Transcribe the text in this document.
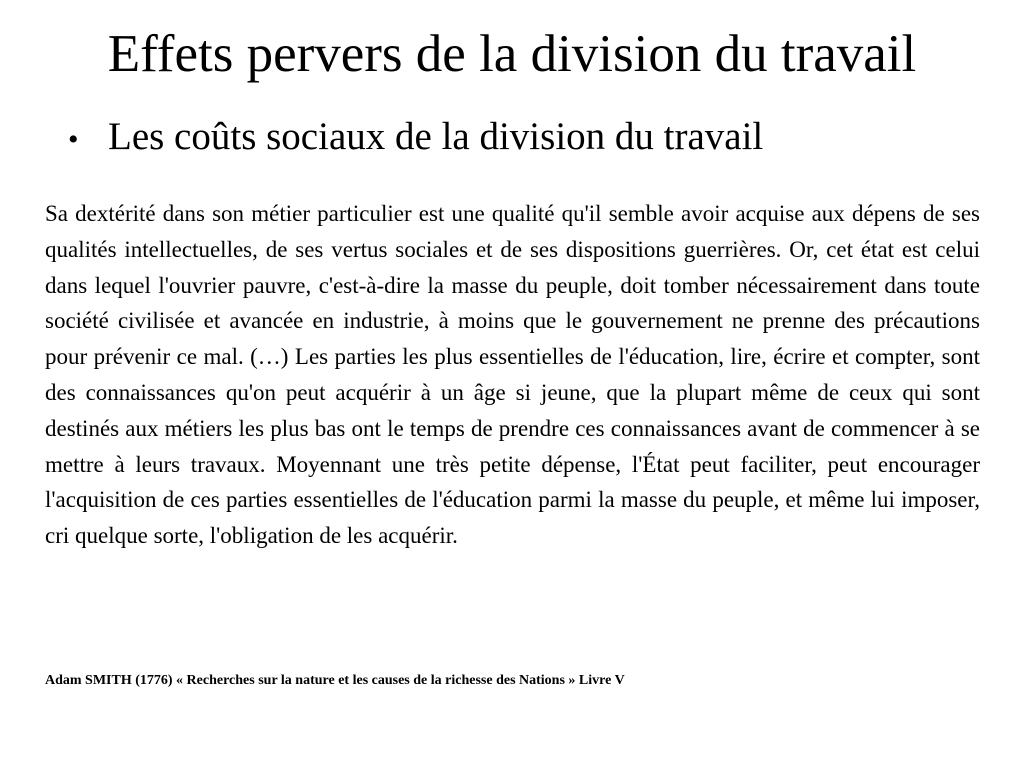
Effets pervers de la division du travail
• Les coûts sociaux de la division du travail

Sa dextérité dans son métier particulier est une qualité qu'il semble avoir acquise aux dépens de ses qualités intellectuelles, de ses vertus sociales et de ses dispositions guerrières. Or, cet état est celui dans lequel l'ouvrier pauvre, c'est-à-dire la masse du peuple, doit tomber nécessairement dans toute société civilisée et avancée en industrie, à moins que le gouvernement ne prenne des précautions pour prévenir ce mal. (…) Les parties les plus essentielles de l'éducation, lire, écrire et compter, sont des connaissances qu'on peut acquérir à un âge si jeune, que la plupart même de ceux qui sont destinés aux métiers les plus bas ont le temps de prendre ces connaissances avant de commencer à se mettre à leurs travaux. Moyennant une très petite dépense, l'État peut faciliter, peut encourager l'acquisition de ces parties essentielles de l'éducation parmi la masse du peuple, et même lui imposer, cri quelque sorte, l'obligation de les acquérir.

Adam SMITH (1776) « Recherches sur la nature et les causes de la richesse des Nations » Livre V
